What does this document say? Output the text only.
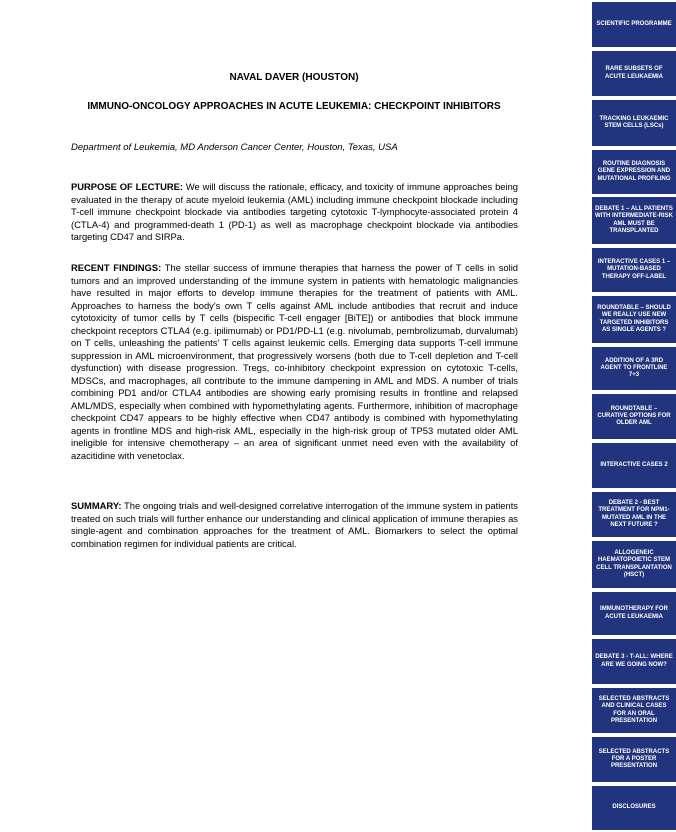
NAVAL DAVER (HOUSTON)
IMMUNO-ONCOLOGY APPROACHES IN ACUTE LEUKEMIA: CHECKPOINT INHIBITORS
Department of Leukemia, MD Anderson Cancer Center, Houston, Texas, USA

PURPOSE OF LECTURE: We will discuss the rationale, efficacy, and toxicity of immune approaches being evaluated in the therapy of acute myeloid leukemia (AML) including immune checkpoint blockade including T-cell immune checkpoint blockade via antibodies targeting cytotoxic T-lymphocyte-associated protein 4 (CTLA-4) and programmed-death 1 (PD-1) as well as macrophage checkpoint blockade via antibodies targeting CD47 and SIRPa.

RECENT FINDINGS: The stellar success of immune therapies that harness the power of T cells in solid tumors and an improved understanding of the immune system in patients with hematologic malignancies have resulted in major efforts to develop immune therapies for the treatment of patients with AML. Approaches to harness the body's own T cells against AML include antibodies that recruit and induce cytotoxicity of tumor cells by T cells (bispecific T-cell engager [BiTE]) or antibodies that block immune checkpoint receptors CTLA4 (e.g. ipilimumab) or PD1/PD-L1 (e.g. nivolumab, pembrolizumab, durvalumab) on T cells, unleashing the patients' T cells against leukemic cells. Emerging data supports T-cell immune suppression in AML microenvironment, that progressively worsens (both due to T-cell depletion and T-cell dysfunction) with disease progression. Tregs, co-inhibitory checkpoint expression on cytotoxic T-cells, MDSCs, and macrophages, all contribute to the immune dampening in AML and MDS. A number of trials combining PD1 and/or CTLA4 antibodies are showing early promising results in frontline and relapsed AML/MDS, especially when combined with hypomethylating agents. Furthermore, inhibition of macrophage checkpoint CD47 appears to be highly effective when CD47 antibody is combined with hypomethylating agents in frontline MDS and high-risk AML, especially in the high-risk group of TP53 mutated older AML ineligible for intensive chemotherapy – an area of significant unmet need even with the availability of azacitidine with venetoclax.

SUMMARY: The ongoing trials and well-designed correlative interrogation of the immune system in patients treated on such trials will further enhance our understanding and clinical application of immune therapies as single-agent and combination approaches for the treatment of AML. Biomarkers to select the optimal combination regimen for individual patients are critical.

SCIENTIFIC PROGRAMME
RARE SUBSETS OF ACUTE LEUKAEMIA
TRACKING LEUKAEMIC STEM CELLS (LSCs)
ROUTINE DIAGNOSIS GENE EXPRESSION AND MUTATIONAL PROFILING
DEBATE 1 – ALL PATIENTS WITH INTERMEDIATE-RISK AML MUST BE TRANSPLANTED
INTERACTIVE CASES 1 – MUTATION-BASED THERAPY OFF-LABEL
ROUNDTABLE – SHOULD WE REALLY USE NEW TARGETED INHIBITORS AS SINGLE AGENTS ?
ADDITION OF A 3RD AGENT TO FRONTLINE 7+3
ROUNDTABLE – CURATIVE OPTIONS FOR OLDER AML
INTERACTIVE CASES 2
DEBATE 2 - BEST TREATMENT FOR NPM1-MUTATED AML IN THE NEXT FUTURE ?
ALLOGENEIC HAEMATOPOIETIC STEM CELL TRANSPLANTATION (HSCT)
IMMUNOTHERAPY FOR ACUTE LEUKAEMIA
DEBATE 3 - T-ALL: WHERE ARE WE GOING NOW?
SELECTED ABSTRACTS AND CLINICAL CASES FOR AN ORAL PRESENTATION
SELECTED ABSTRACTS FOR A POSTER PRESENTATION
DISCLOSURES
